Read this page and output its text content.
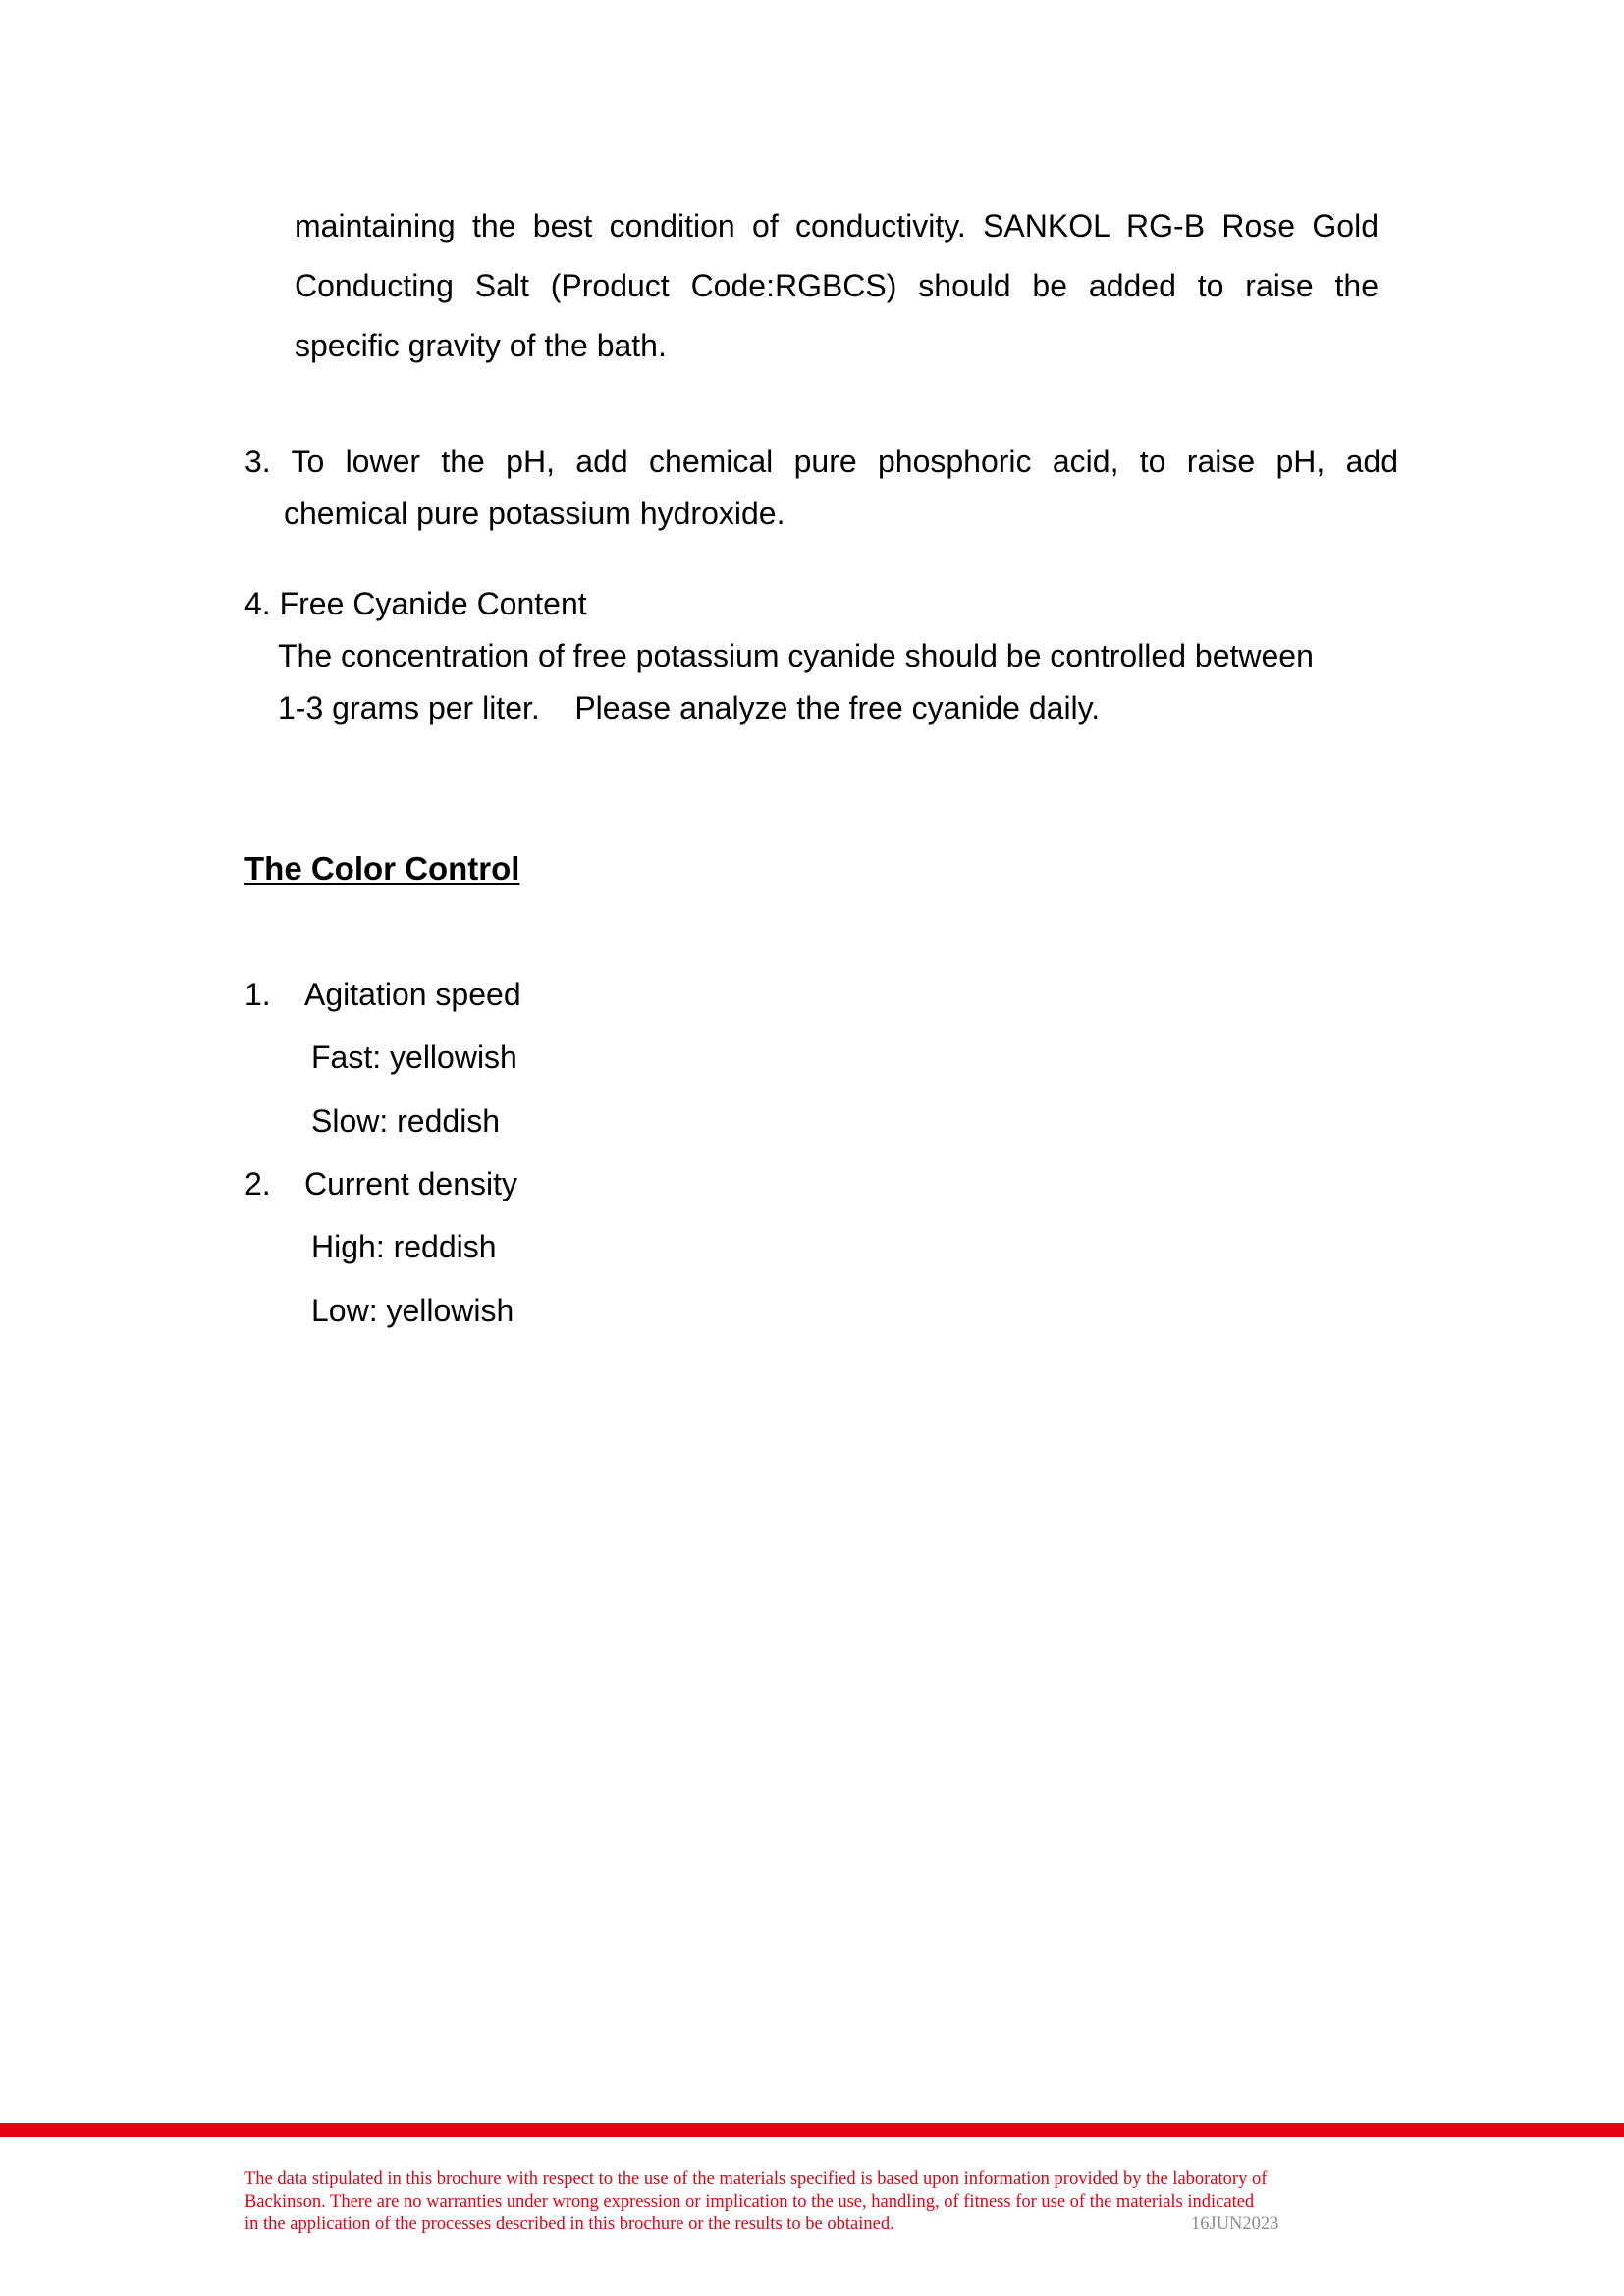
maintaining the best condition of conductivity. SANKOL RG-B Rose Gold
Conducting Salt (Product Code:RGBCS) should be added to raise the
specific gravity of the bath.
3. To lower the pH, add chemical pure phosphoric acid, to raise pH, add
chemical pure potassium hydroxide.
4. Free Cyanide Content
The concentration of free potassium cyanide should be controlled between
1-3 grams per liter.    Please analyze the free cyanide daily.
The Color Control
1. Agitation speed
Fast: yellowish
Slow: reddish
2. Current density
High: reddish
Low: yellowish
The data stipulated in this brochure with respect to the use of the materials specified is based upon information provided by the laboratory of
Backinson. There are no warranties under wrong expression or implication to the use, handling, of fitness for use of the materials indicated
in the application of the processes described in this brochure or the results to be obtained.	16JUN2023
